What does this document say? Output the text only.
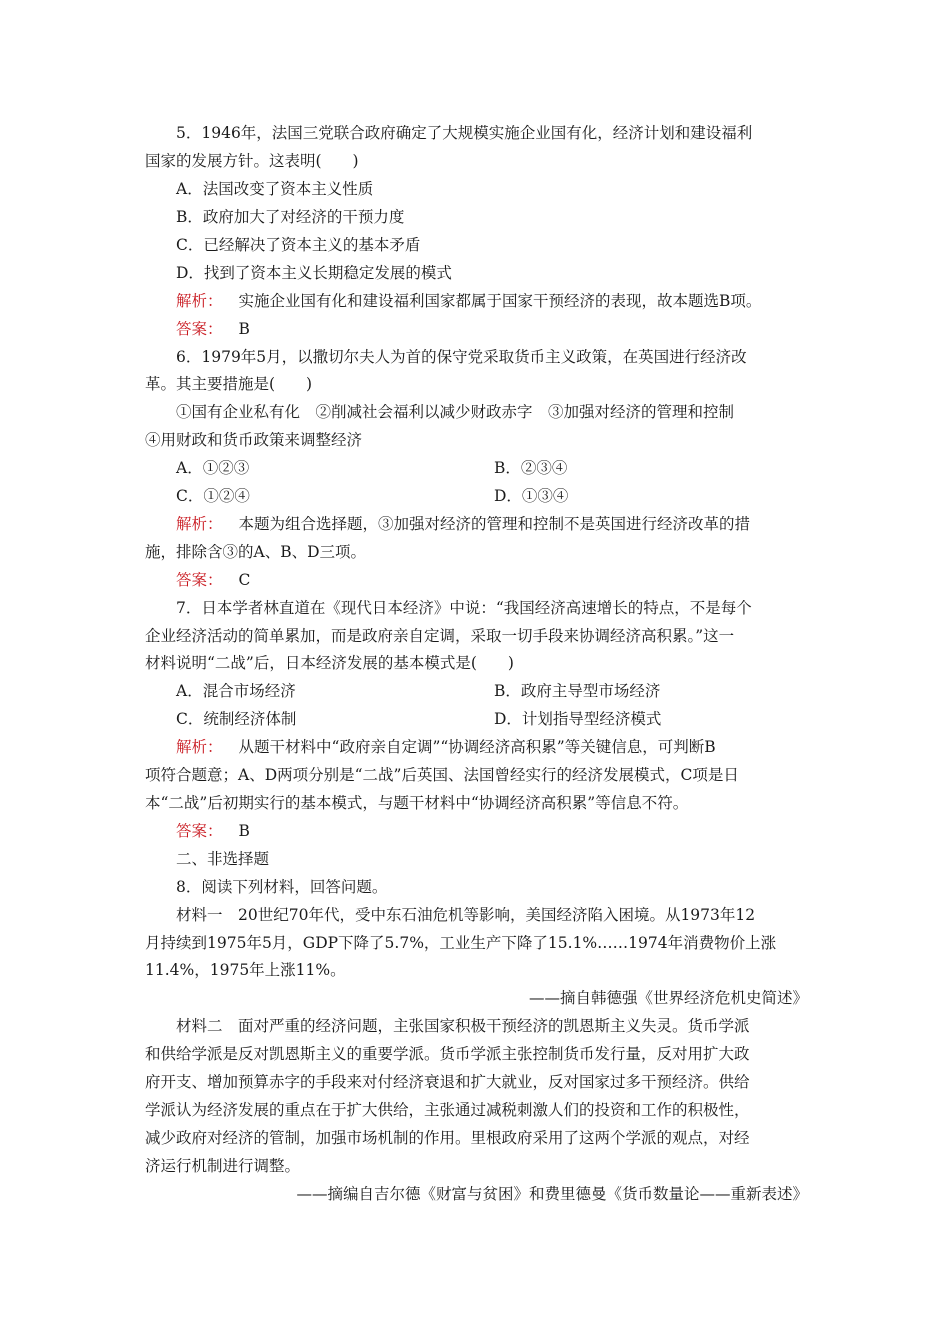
5．1946年，法国三党联合政府确定了大规模实施企业国有化，经济计划和建设福利
国家的发展方针。这表明(　　)
A．法国改变了资本主义性质
B．政府加大了对经济的干预力度
C．已经解决了资本主义的基本矛盾
D．找到了资本主义长期稳定发展的模式
解析： 实施企业国有化和建设福利国家都属于国家干预经济的表现，故本题选B项。
答案： B
6．1979年5月，以撒切尔夫人为首的保守党采取货币主义政策，在英国进行经济改
革。其主要措施是(　　)
①国有企业私有化　②削减社会福利以减少财政赤字　③加强对经济的管理和控制
④用财政和货币政策来调整经济
A．①②③	B．②③④
C．①②④	D．①③④
解析： 本题为组合选择题，③加强对经济的管理和控制不是英国进行经济改革的措
施，排除含③的A、B、D三项。
答案： C
7．日本学者林直道在《现代日本经济》中说：“我国经济高速增长的特点，不是每个
企业经济活动的简单累加，而是政府亲自定调，采取一切手段来协调经济高积累。”这一
材料说明“二战”后，日本经济发展的基本模式是(　　)
A．混合市场经济	B．政府主导型市场经济
C．统制经济体制	D．计划指导型经济模式
解析： 从题干材料中“政府亲自定调”“协调经济高积累”等关键信息，可判断B
项符合题意；A、D两项分别是“二战”后英国、法国曾经实行的经济发展模式，C项是日
本“二战”后初期实行的基本模式，与题干材料中“协调经济高积累”等信息不符。
答案： B
二、非选择题
8．阅读下列材料，回答问题。
材料一　20世纪70年代，受中东石油危机等影响，美国经济陷入困境。从1973年12
月持续到1975年5月，GDP下降了5.7%，工业生产下降了15.1%……1974年消费物价上涨
11.4%，1975年上涨11%。
——摘自韩德强《世界经济危机史简述》
材料二　面对严重的经济问题，主张国家积极干预经济的凯恩斯主义失灵。货币学派
和供给学派是反对凯恩斯主义的重要学派。货币学派主张控制货币发行量，反对用扩大政
府开支、增加预算赤字的手段来对付经济衰退和扩大就业，反对国家过多干预经济。供给
学派认为经济发展的重点在于扩大供给，主张通过减税刺激人们的投资和工作的积极性，
减少政府对经济的管制，加强市场机制的作用。里根政府采用了这两个学派的观点，对经
济运行机制进行调整。
——摘编自吉尔德《财富与贫困》和费里德曼《货币数量论——重新表述》
